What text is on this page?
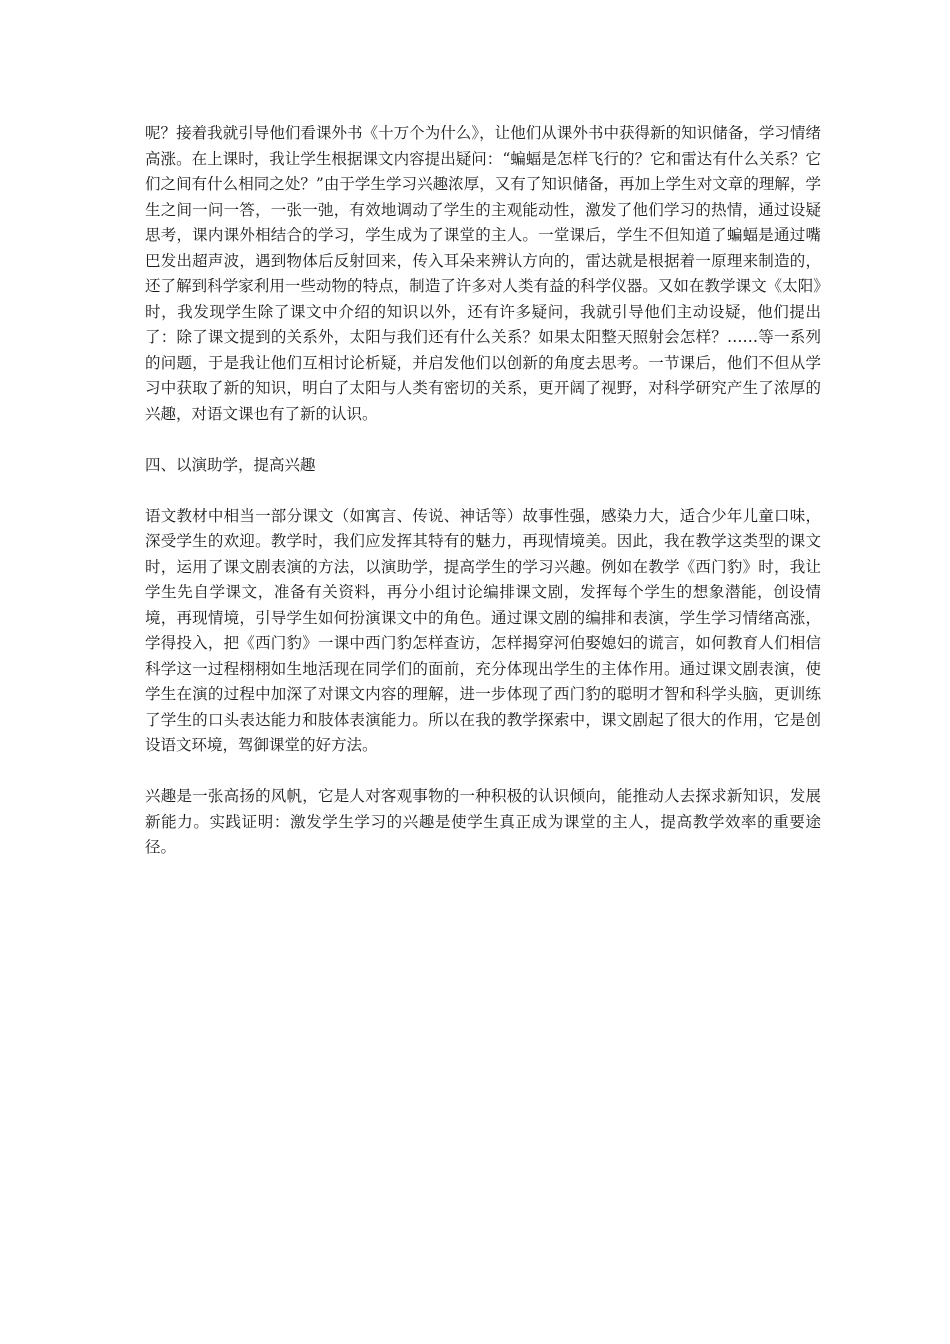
呢？接着我就引导他们看课外书《十万个为什么》，让他们从课外书中获得新的知识储备，学习情绪高涨。在上课时，我让学生根据课文内容提出疑问：“蝙蝠是怎样飞行的？它和雷达有什么关系？它们之间有什么相同之处？”由于学生学习兴趣浓厚，又有了知识储备，再加上学生对文章的理解，学生之间一问一答，一张一弛，有效地调动了学生的主观能动性，激发了他们学习的热情，通过设疑思考，课内课外相结合的学习，学生成为了课堂的主人。一堂课后，学生不但知道了蝙蝠是通过嘴巴发出超声波，遇到物体后反射回来，传入耳朵来辨认方向的，雷达就是根据着一原理来制造的，还了解到科学家利用一些动物的特点，制造了许多对人类有益的科学仪器。又如在教学课文《太阳》时，我发现学生除了课文中介绍的知识以外，还有许多疑问，我就引导他们主动设疑，他们提出了：除了课文提到的关系外，太阳与我们还有什么关系？如果太阳整天照射会怎样？……等一系列的问题，于是我让他们互相讨论析疑，并启发他们以创新的角度去思考。一节课后，他们不但从学习中获取了新的知识，明白了太阳与人类有密切的关系，更开阔了视野，对科学研究产生了浓厚的兴趣，对语文课也有了新的认识。

四、以演助学，提高兴趣

语文教材中相当一部分课文（如寓言、传说、神话等）故事性强，感染力大，适合少年儿童口味，深受学生的欢迎。教学时，我们应发挥其特有的魅力，再现情境美。因此，我在教学这类型的课文时，运用了课文剧表演的方法，以演助学，提高学生的学习兴趣。例如在教学《西门豹》时，我让学生先自学课文，准备有关资料，再分小组讨论编排课文剧，发挥每个学生的想象潜能，创设情境，再现情境，引导学生如何扮演课文中的角色。通过课文剧的编排和表演，学生学习情绪高涨，学得投入，把《西门豹》一课中西门豹怎样查访，怎样揭穿河伯娶媳妇的谎言，如何教育人们相信科学这一过程栩栩如生地活现在同学们的面前，充分体现出学生的主体作用。通过课文剧表演，使学生在演的过程中加深了对课文内容的理解，进一步体现了西门豹的聪明才智和科学头脑，更训练了学生的口头表达能力和肢体表演能力。所以在我的教学探索中，课文剧起了很大的作用，它是创设语文环境，驾御课堂的好方法。

兴趣是一张高扬的风帆，它是人对客观事物的一种积极的认识倾向，能推动人去探求新知识，发展新能力。实践证明：激发学生学习的兴趣是使学生真正成为课堂的主人，提高教学效率的重要途径。
